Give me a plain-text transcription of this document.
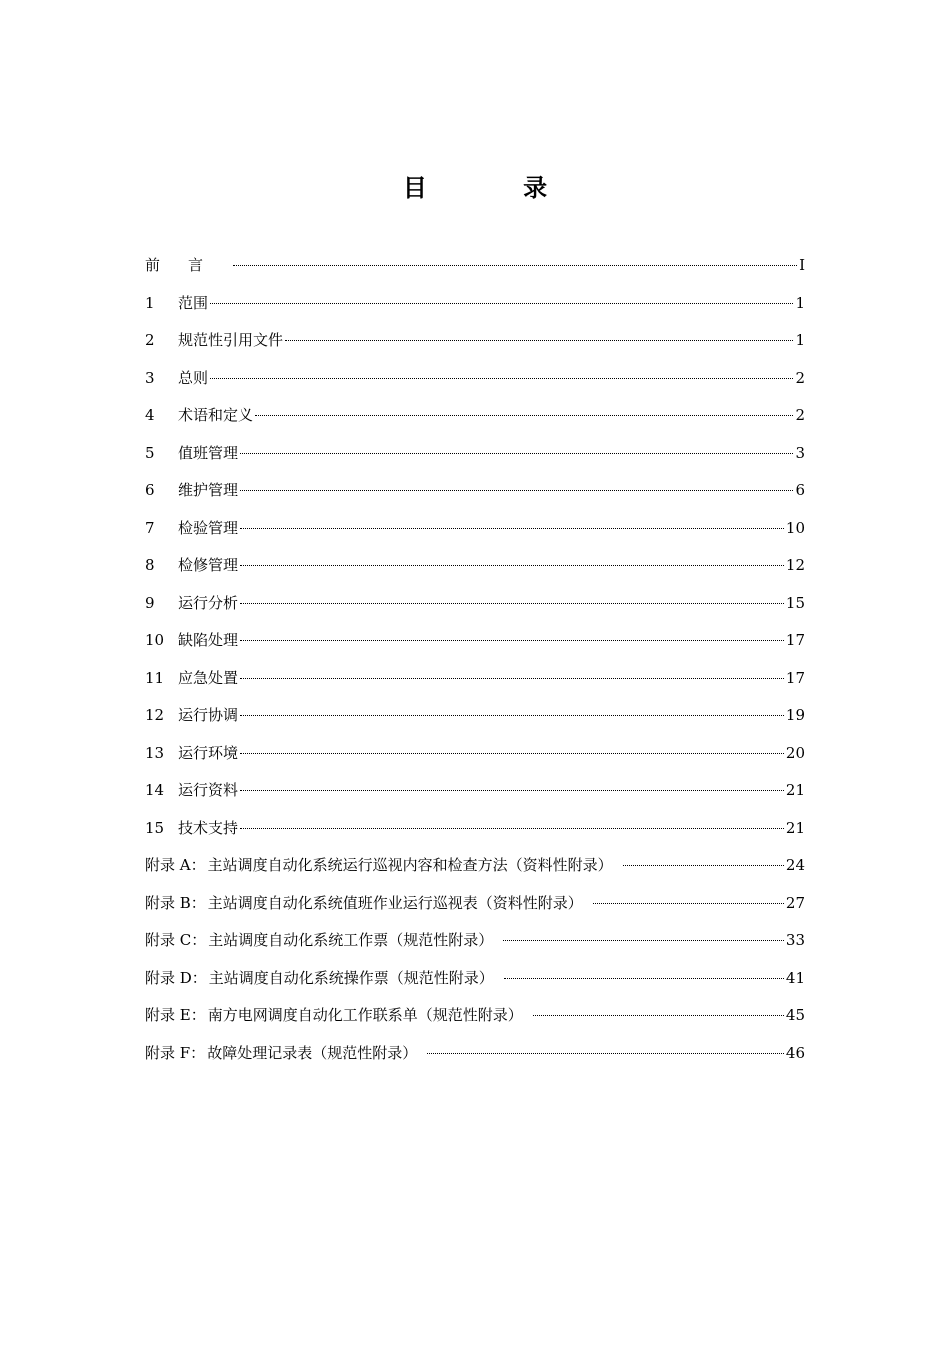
目 录
前言	I
1	范围	1
2	规范性引用文件	1
3	总则	2
4	术语和定义	2
5	值班管理	3
6	维护管理	6
7	检验管理	10
8	检修管理	12
9	运行分析	15
10 缺陷处理	17
11 应急处置	17
12 运行协调	19
13 运行环境	20
14 运行资料	21
15 技术支持	21
附录 A： 主站调度自动化系统运行巡视内容和检查方法（资料性附录）	24
附录 B： 主站调度自动化系统值班作业运行巡视表（资料性附录）	27
附录 C： 主站调度自动化系统工作票（规范性附录）	33
附录 D： 主站调度自动化系统操作票（规范性附录）	41
附录 E： 南方电网调度自动化工作联系单（规范性附录）	45
附录 F： 故障处理记录表（规范性附录）	46
